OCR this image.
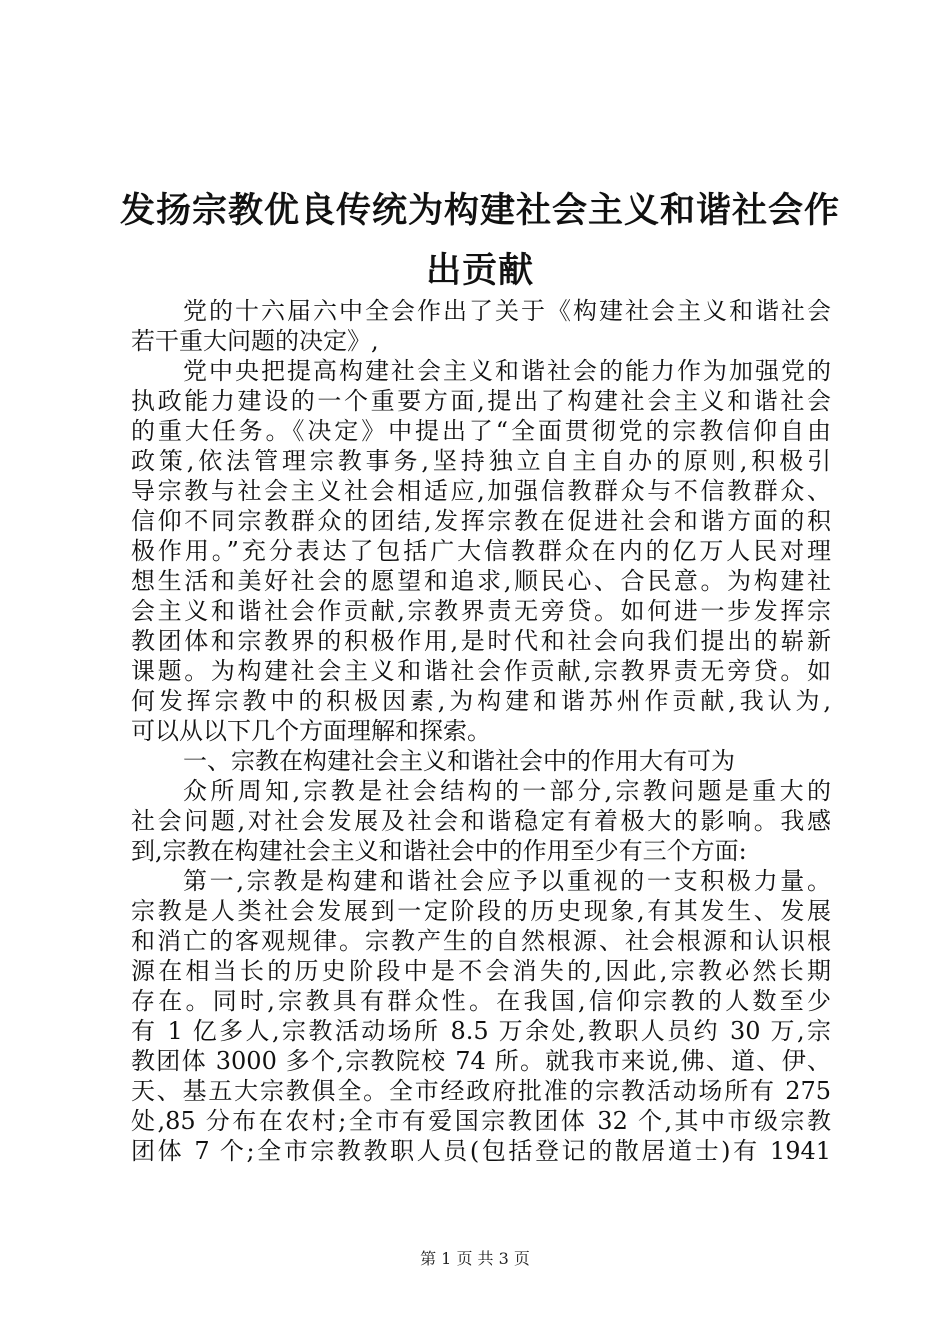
发扬宗教优良传统为构建社会主义和谐社会作
出贡献
党的十六届六中全会作出了关于《构建社会主义和谐社会
若干重大问题的决定》,
党中央把提高构建社会主义和谐社会的能力作为加强党的
执政能力建设的一个重要方面,提出了构建社会主义和谐社会
的重大任务。《决定》中提出了“全面贯彻党的宗教信仰自由
政策,依法管理宗教事务,坚持独立自主自办的原则,积极引
导宗教与社会主义社会相适应,加强信教群众与不信教群众、
信仰不同宗教群众的团结,发挥宗教在促进社会和谐方面的积
极作用。”充分表达了包括广大信教群众在内的亿万人民对理
想生活和美好社会的愿望和追求,顺民心、合民意。为构建社
会主义和谐社会作贡献,宗教界责无旁贷。如何进一步发挥宗
教团体和宗教界的积极作用,是时代和社会向我们提出的崭新
课题。为构建社会主义和谐社会作贡献,宗教界责无旁贷。如
何发挥宗教中的积极因素,为构建和谐苏州作贡献,我认为,
可以从以下几个方面理解和探索。
一、宗教在构建社会主义和谐社会中的作用大有可为
众所周知,宗教是社会结构的一部分,宗教问题是重大的
社会问题,对社会发展及社会和谐稳定有着极大的影响。我感
到,宗教在构建社会主义和谐社会中的作用至少有三个方面:
第一,宗教是构建和谐社会应予以重视的一支积极力量。
宗教是人类社会发展到一定阶段的历史现象,有其发生、发展
和消亡的客观规律。宗教产生的自然根源、社会根源和认识根
源在相当长的历史阶段中是不会消失的,因此,宗教必然长期
存在。同时,宗教具有群众性。在我国,信仰宗教的人数至少
有 1 亿多人,宗教活动场所 8.5 万余处,教职人员约 30 万,宗
教团体 3000 多个,宗教院校 74 所。就我市来说,佛、道、伊、
天、基五大宗教俱全。全市经政府批准的宗教活动场所有 275
处,85 分布在农村;全市有爱国宗教团体 32 个,其中市级宗教
团体 7 个;全市宗教教职人员(包括登记的散居道士)有 1941
第 1 页 共 3 页
